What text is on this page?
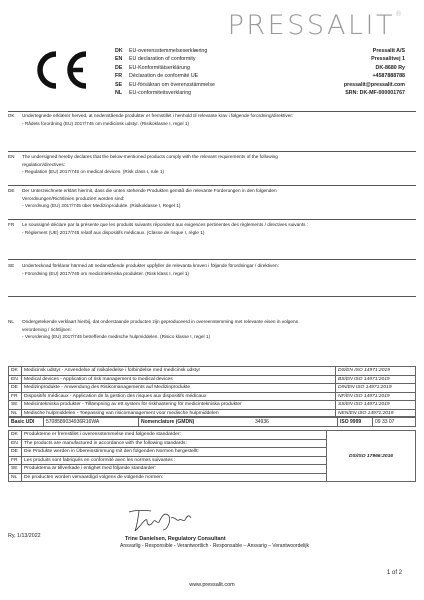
PRESSALIT®
DK	EU-overensstemmelseserklæring	Pressalit A/S
EN	EU declaration of conformity	Pressalitvej 1
DE	EU-Konformitätserklärung	DK-8680 Ry
FR	Déclaration de conformité UE	+4587888788
SE	EU-försäkran om överensstämmelse	pressalit@pressalit.com
NL	EU-conformiteitsverklaring	SRN: DK-MF-000001767
DK	Undertegnede erklærer herved, at nedenstående produkter er fremstillet i henhold til relevante krav i følgende forordning/direktiver:
- Rådets forordning (EU) 2017/745 om medicinsk udstyr. (Risikoklasse I, regel 1)
EN	The undersigned hereby declares that the below-mentioned products comply with the relevant requirements of the following
regulation/directives:
- Regulation (EU) 2017/745 on medical devices. (Risk class I, rule 1)
DE	Der Unterzeichnete erklärt hiermit, dass die unten stehende Produkten gemäß die relevante Forderungen in den folgenden
Verordnungen/Richtlinien produziert worden sind:
- Verordnung (EU) 2017/745 über Medizinprodukte. (Risikoklasse I, Regel 1)
FR	Le soussigné déclare par la présente que les produits suivants répondent aux exigences pertinentes des règlements / directives suivants :
- Règlement (UE) 2017/745 relatif aux dispositifs médicaux. (Classe de risque I, règle 1)
SE	Undertecknad förklarar härmed att nedanstående produkter uppfyller de relevanta kraven i följande förordningar / direktiven:
- Förordning (EU) 2017/745 om medicintekniska produkter. (Risk klass I, regel 1)
NL	Ondergetekende verklaart hierbij, dat onderstaande producten zijn geproduceerd in overeenstemming met relevante eisen in volgens
verordening / richtlijnen:
- Verordening (EU) 2017/745 betreffende medische hulpmiddelen. (Risico klasse I, regel 1)
DK	Medicinsk udstyr - Anvendelse af risikoledelse i forbindelse med medicinsk udstyr	DS/EN ISO 14971:2019
EN	Medical devices - Application of risk management to medical devices	BS/EN ISO 14971:2019
DE	Medizinprodukte - Anwendung des Risikomanagements auf Medizinprodukte	DIN/EN ISO 14971:2019
FR	Dispositifs médicaux - Application de la gestion des risques aux dispositifs médicaux	NF/EN ISO 14971:2019
SE	Medicintekniska produkter - Tillämpning av ett system för riskhantering för medicintekniska produkter	SS/EN ISO 14971:2019
NL	Medische hulpmiddelen - Toepassing van risicomanagement voor medische hulpmiddelen	NEN/EN ISO 14971:2019
Basic UDI	5708589034936R16WA	Nomenclature (GMDN)	34936	ISO 9999	09 33 07
DK	Produkterne er fremstillet i overensstemmelse med følgende standarder:	DS/ISO 17966:2016
EN	The products are manufactured in accordance with the following standards:	
DE	Die Produkte werden in Übereinstimmung mit den folgenden Normen hergestellt:	
FR	Les produits sont fabriqués en conformité avec les normes suivantes :	
SE	Produkterna är tillverkade i enlighet med följande standarder:	
NL	De producten worden vervaardigd volgens de volgende normen:	
Ry, 1/13/2022	Trine Danielsen, Regulatory Consultant
Ansvarlig - Responsible - Verantwortlich - Responsable – Ansvarig – Verantwoordelijk
1 of 2
www.pressalit.com
